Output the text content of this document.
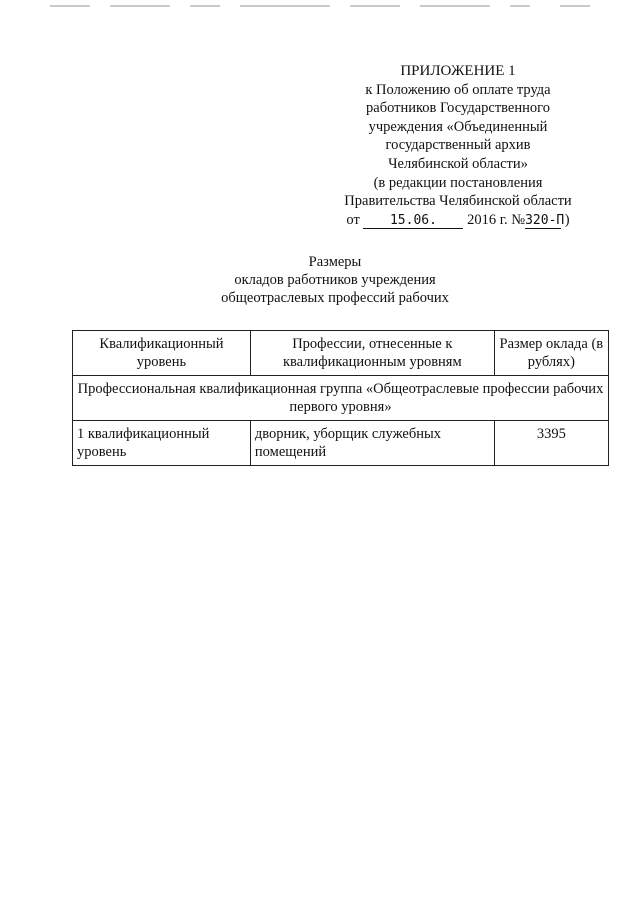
ПРИЛОЖЕНИЕ 1
к Положению об оплате труда
работников Государственного
учреждения «Объединенный
государственный архив
Челябинской области»
(в редакции постановления
Правительства Челябинской области
от 15.06. 2016 г. №320-П )
Размеры
окладов работников учреждения
общеотраслевых профессий рабочих
Квалификационный уровень	Профессии, отнесенные к квалификационным уровням	Размер оклада (в рублях)
Профессиональная квалификационная группа «Общеотраслевые профессии рабочих первого уровня»		
1 квалификационный уровень	дворник, уборщик служебных помещений	3395
